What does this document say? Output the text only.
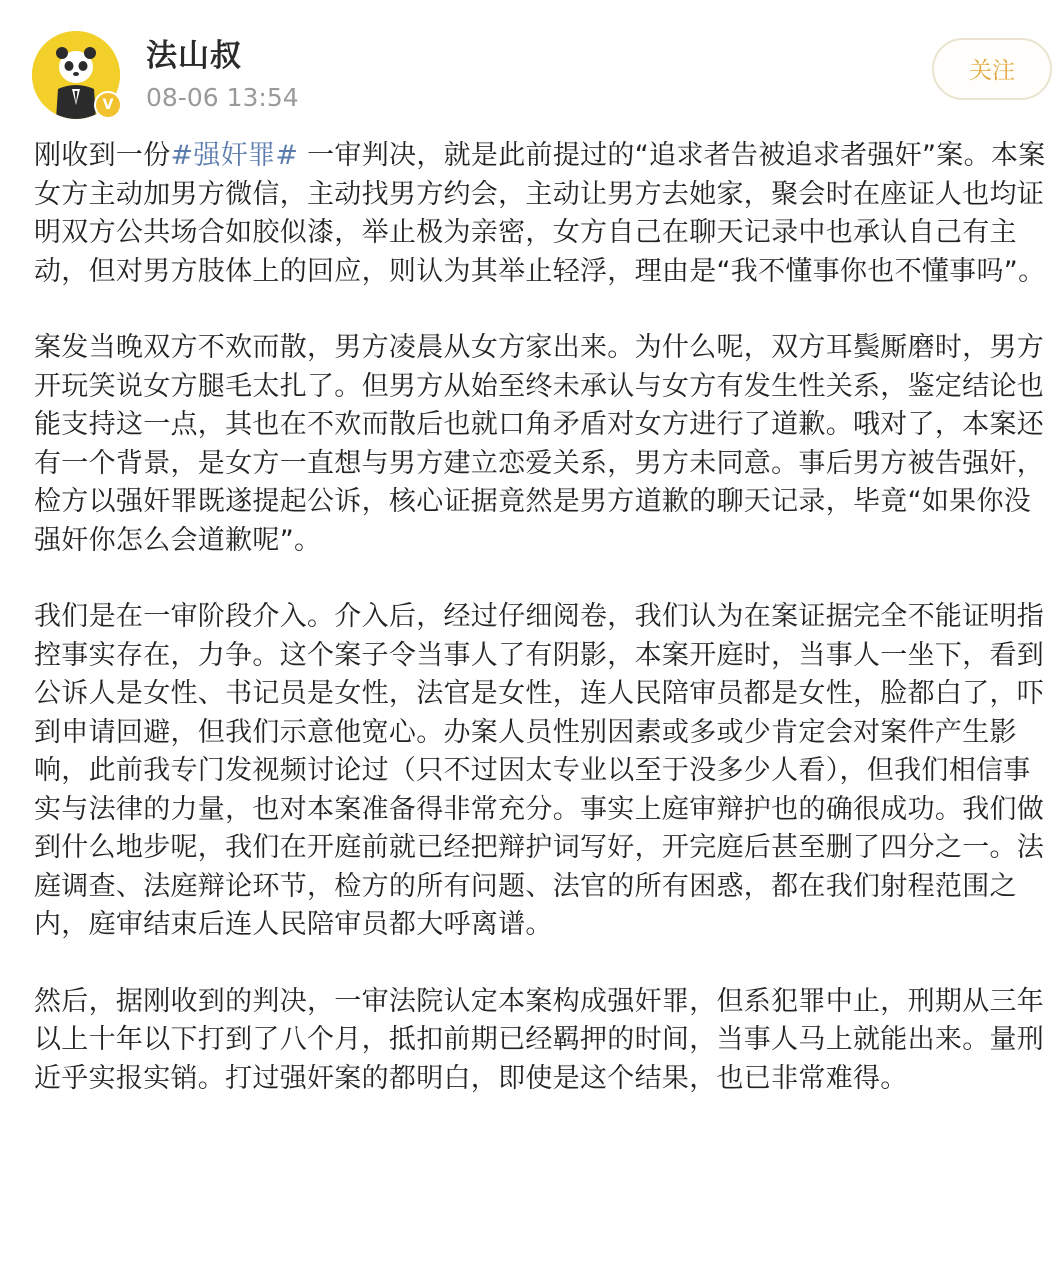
V
法山叔
08-06 13:54
关注

刚收到一份#强奸罪# 一审判决，就是此前提过的“追求者告被追求者强奸”案。本案女方主动加男方微信，主动找男方约会，主动让男方去她家，聚会时在座证人也均证明双方公共场合如胶似漆，举止极为亲密，女方自己在聊天记录中也承认自己有主动，但对男方肢体上的回应，则认为其举止轻浮，理由是“我不懂事你也不懂事吗”。

案发当晚双方不欢而散，男方凌晨从女方家出来。为什么呢，双方耳鬓厮磨时，男方开玩笑说女方腿毛太扎了。但男方从始至终未承认与女方有发生性关系，鉴定结论也能支持这一点，其也在不欢而散后也就口角矛盾对女方进行了道歉。哦对了，本案还有一个背景，是女方一直想与男方建立恋爱关系，男方未同意。事后男方被告强奸，检方以强奸罪既遂提起公诉，核心证据竟然是男方道歉的聊天记录，毕竟“如果你没强奸你怎么会道歉呢”。

我们是在一审阶段介入。介入后，经过仔细阅卷，我们认为在案证据完全不能证明指控事实存在，力争。这个案子令当事人了有阴影，本案开庭时，当事人一坐下，看到公诉人是女性、书记员是女性，法官是女性，连人民陪审员都是女性，脸都白了，吓到申请回避，但我们示意他宽心。办案人员性别因素或多或少肯定会对案件产生影响，此前我专门发视频讨论过（只不过因太专业以至于没多少人看），但我们相信事实与法律的力量，也对本案准备得非常充分。事实上庭审辩护也的确很成功。我们做到什么地步呢，我们在开庭前就已经把辩护词写好，开完庭后甚至删了四分之一。法庭调查、法庭辩论环节，检方的所有问题、法官的所有困惑，都在我们射程范围之内，庭审结束后连人民陪审员都大呼离谱。

然后，据刚收到的判决，一审法院认定本案构成强奸罪，但系犯罪中止，刑期从三年以上十年以下打到了八个月，抵扣前期已经羁押的时间，当事人马上就能出来。量刑近乎实报实销。打过强奸案的都明白，即使是这个结果，也已非常难得。
